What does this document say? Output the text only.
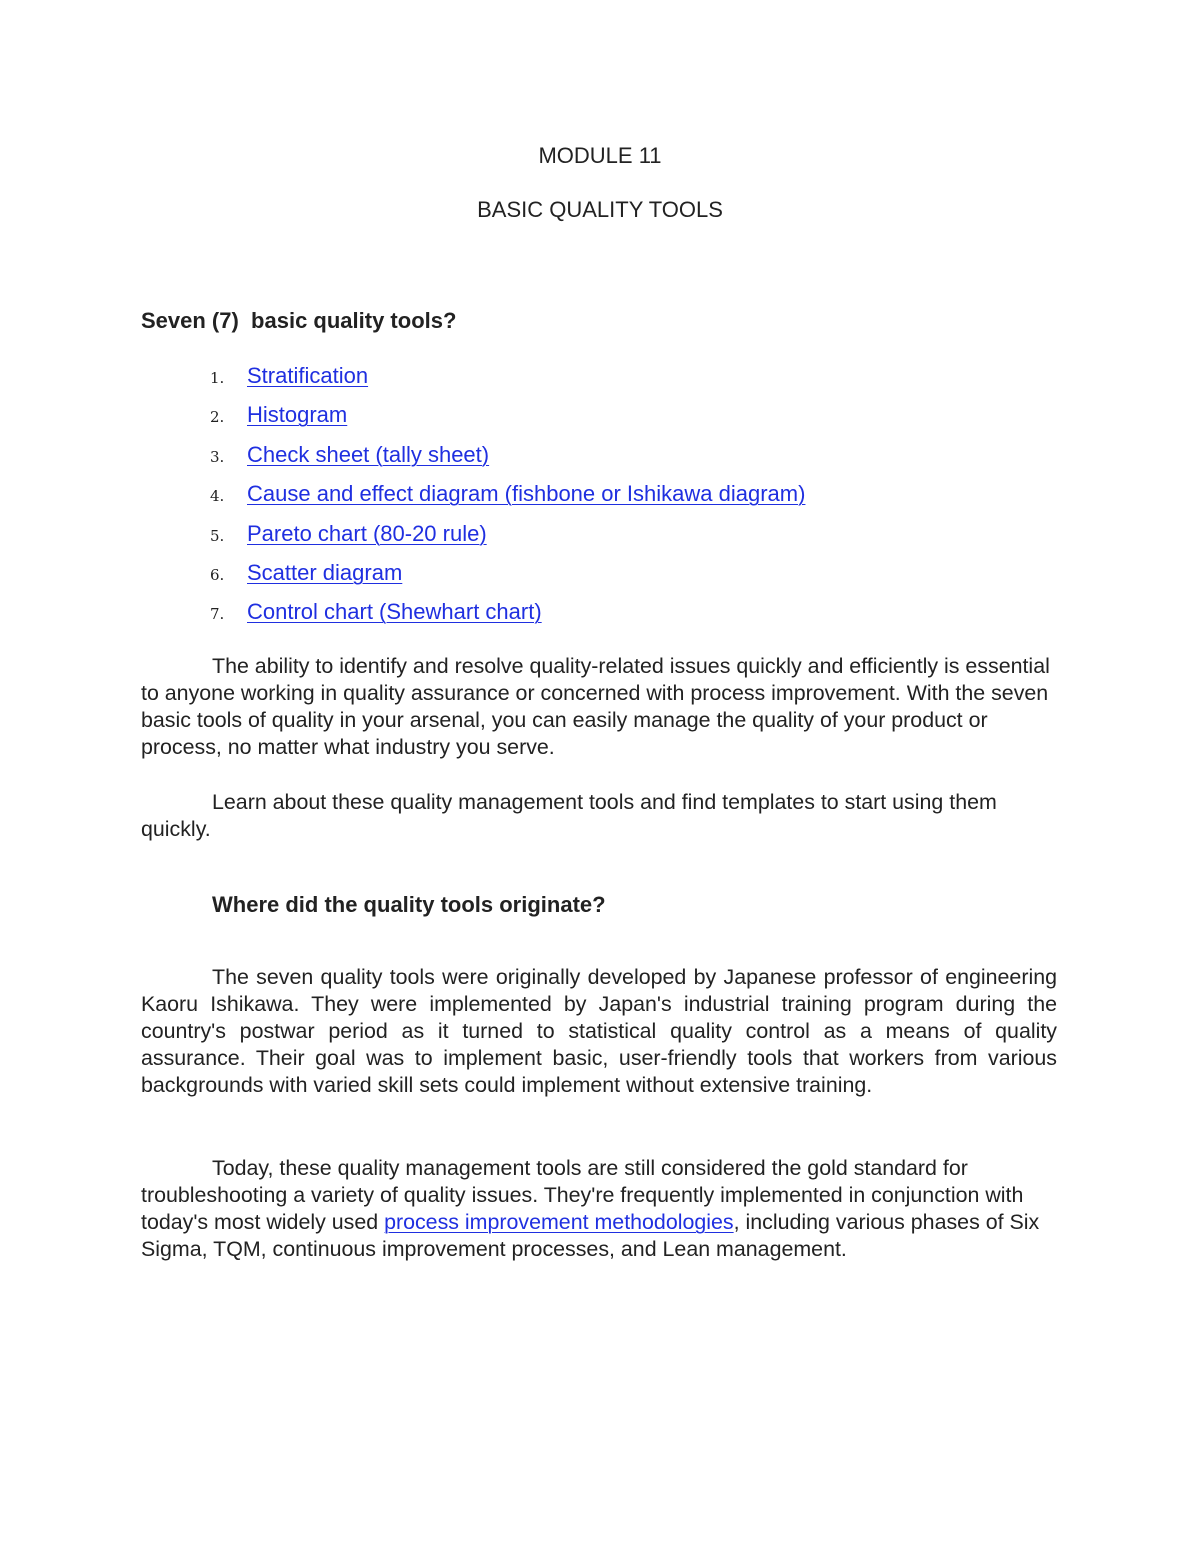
MODULE 11
BASIC QUALITY TOOLS
Seven (7)  basic quality tools?
1.	Stratification
2.	Histogram
3.	Check sheet (tally sheet)
4.	Cause and effect diagram (fishbone or Ishikawa diagram)
5.	Pareto chart (80-20 rule)
6.	Scatter diagram
7.	Control chart (Shewhart chart)

The ability to identify and resolve quality-related issues quickly and efficiently is essential to anyone working in quality assurance or concerned with process improvement. With the seven basic tools of quality in your arsenal, you can easily manage the quality of your product or process, no matter what industry you serve.

Learn about these quality management tools and find templates to start using them quickly.

Where did the quality tools originate?

The seven quality tools were originally developed by Japanese professor of engineering Kaoru Ishikawa. They were implemented by Japan's industrial training program during the country's postwar period as it turned to statistical quality control as a means of quality assurance. Their goal was to implement basic, user-friendly tools that workers from various backgrounds with varied skill sets could implement without extensive training.

Today, these quality management tools are still considered the gold standard for troubleshooting a variety of quality issues. They're frequently implemented in conjunction with today's most widely used process improvement methodologies, including various phases of Six Sigma, TQM, continuous improvement processes, and Lean management.
